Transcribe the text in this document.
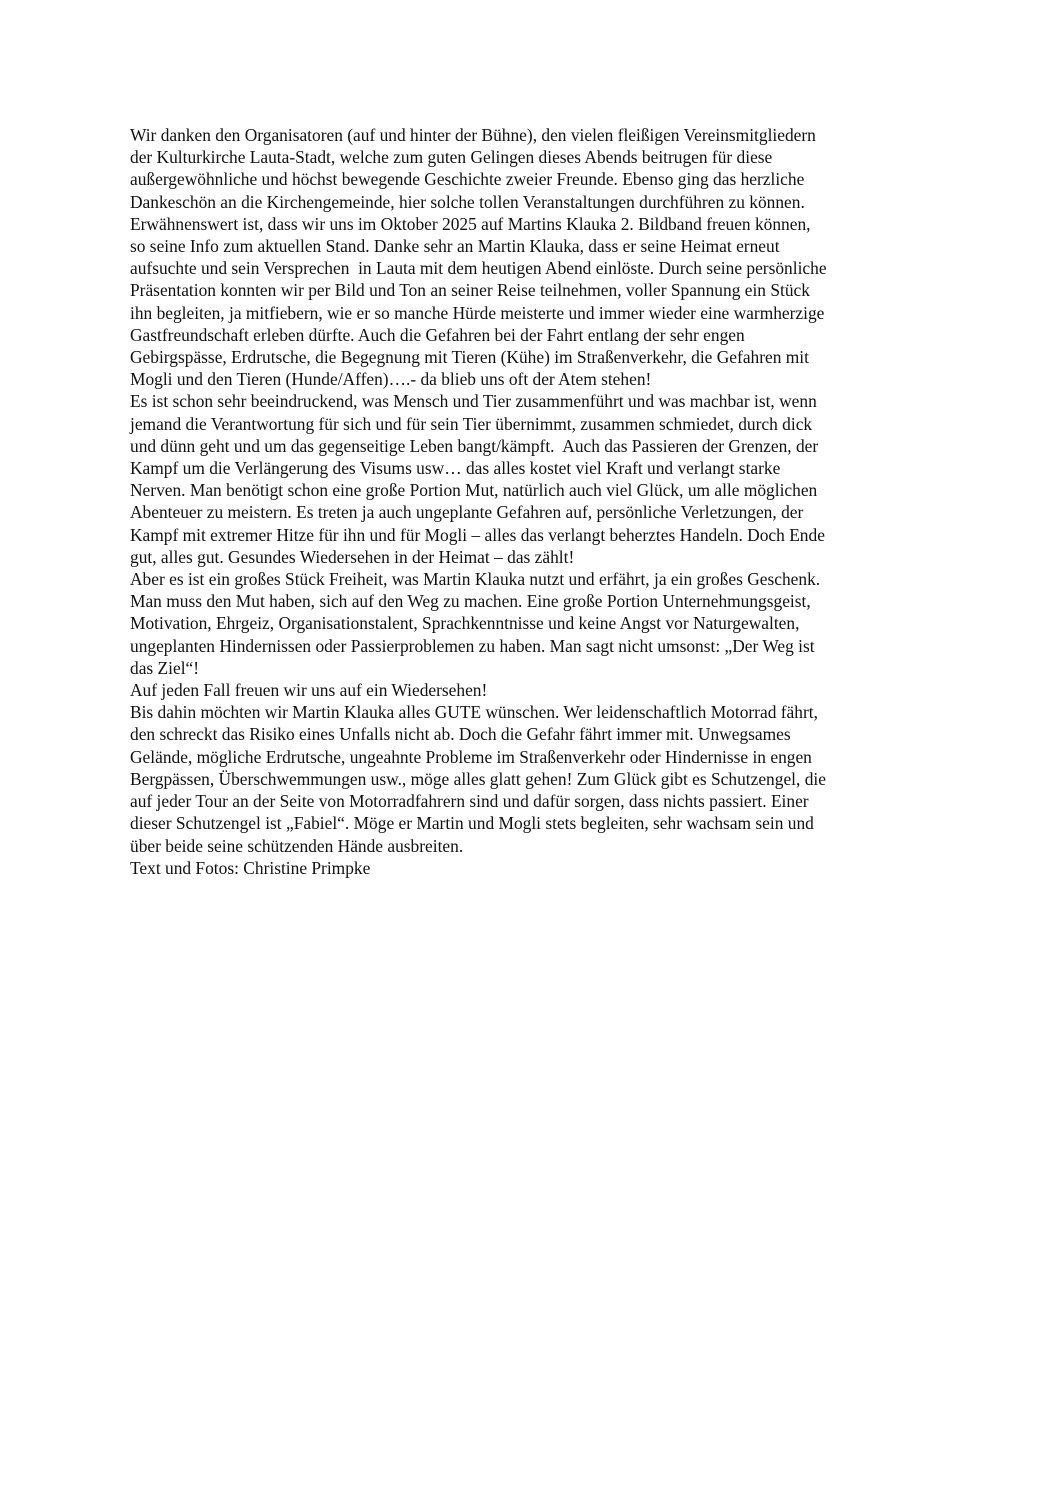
Wir danken den Organisatoren (auf und hinter der Bühne), den vielen fleißigen Vereinsmitgliedern
der Kulturkirche Lauta-Stadt, welche zum guten Gelingen dieses Abends beitrugen für diese
außergewöhnliche und höchst bewegende Geschichte zweier Freunde. Ebenso ging das herzliche
Dankeschön an die Kirchengemeinde, hier solche tollen Veranstaltungen durchführen zu können.
Erwähnenswert ist, dass wir uns im Oktober 2025 auf Martins Klauka 2. Bildband freuen können,
so seine Info zum aktuellen Stand. Danke sehr an Martin Klauka, dass er seine Heimat erneut
aufsuchte und sein Versprechen  in Lauta mit dem heutigen Abend einlöste. Durch seine persönliche
Präsentation konnten wir per Bild und Ton an seiner Reise teilnehmen, voller Spannung ein Stück
ihn begleiten, ja mitfiebern, wie er so manche Hürde meisterte und immer wieder eine warmherzige
Gastfreundschaft erleben dürfte. Auch die Gefahren bei der Fahrt entlang der sehr engen
Gebirgspässe, Erdrutsche, die Begegnung mit Tieren (Kühe) im Straßenverkehr, die Gefahren mit
Mogli und den Tieren (Hunde/Affen)….- da blieb uns oft der Atem stehen!
Es ist schon sehr beeindruckend, was Mensch und Tier zusammenführt und was machbar ist, wenn
jemand die Verantwortung für sich und für sein Tier übernimmt, zusammen schmiedet, durch dick
und dünn geht und um das gegenseitige Leben bangt/kämpft.  Auch das Passieren der Grenzen, der
Kampf um die Verlängerung des Visums usw… das alles kostet viel Kraft und verlangt starke
Nerven. Man benötigt schon eine große Portion Mut, natürlich auch viel Glück, um alle möglichen
Abenteuer zu meistern. Es treten ja auch ungeplante Gefahren auf, persönliche Verletzungen, der
Kampf mit extremer Hitze für ihn und für Mogli – alles das verlangt beherztes Handeln. Doch Ende
gut, alles gut. Gesundes Wiedersehen in der Heimat – das zählt!
Aber es ist ein großes Stück Freiheit, was Martin Klauka nutzt und erfährt, ja ein großes Geschenk.
Man muss den Mut haben, sich auf den Weg zu machen. Eine große Portion Unternehmungsgeist,
Motivation, Ehrgeiz, Organisationstalent, Sprachkenntnisse und keine Angst vor Naturgewalten,
ungeplanten Hindernissen oder Passierproblemen zu haben. Man sagt nicht umsonst: „Der Weg ist
das Ziel“!
Auf jeden Fall freuen wir uns auf ein Wiedersehen!
Bis dahin möchten wir Martin Klauka alles GUTE wünschen. Wer leidenschaftlich Motorrad fährt,
den schreckt das Risiko eines Unfalls nicht ab. Doch die Gefahr fährt immer mit. Unwegsames
Gelände, mögliche Erdrutsche, ungeahnte Probleme im Straßenverkehr oder Hindernisse in engen
Bergpässen, Überschwemmungen usw., möge alles glatt gehen! Zum Glück gibt es Schutzengel, die
auf jeder Tour an der Seite von Motorradfahrern sind und dafür sorgen, dass nichts passiert. Einer
dieser Schutzengel ist „Fabiel“. Möge er Martin und Mogli stets begleiten, sehr wachsam sein und
über beide seine schützenden Hände ausbreiten.
Text und Fotos: Christine Primpke
